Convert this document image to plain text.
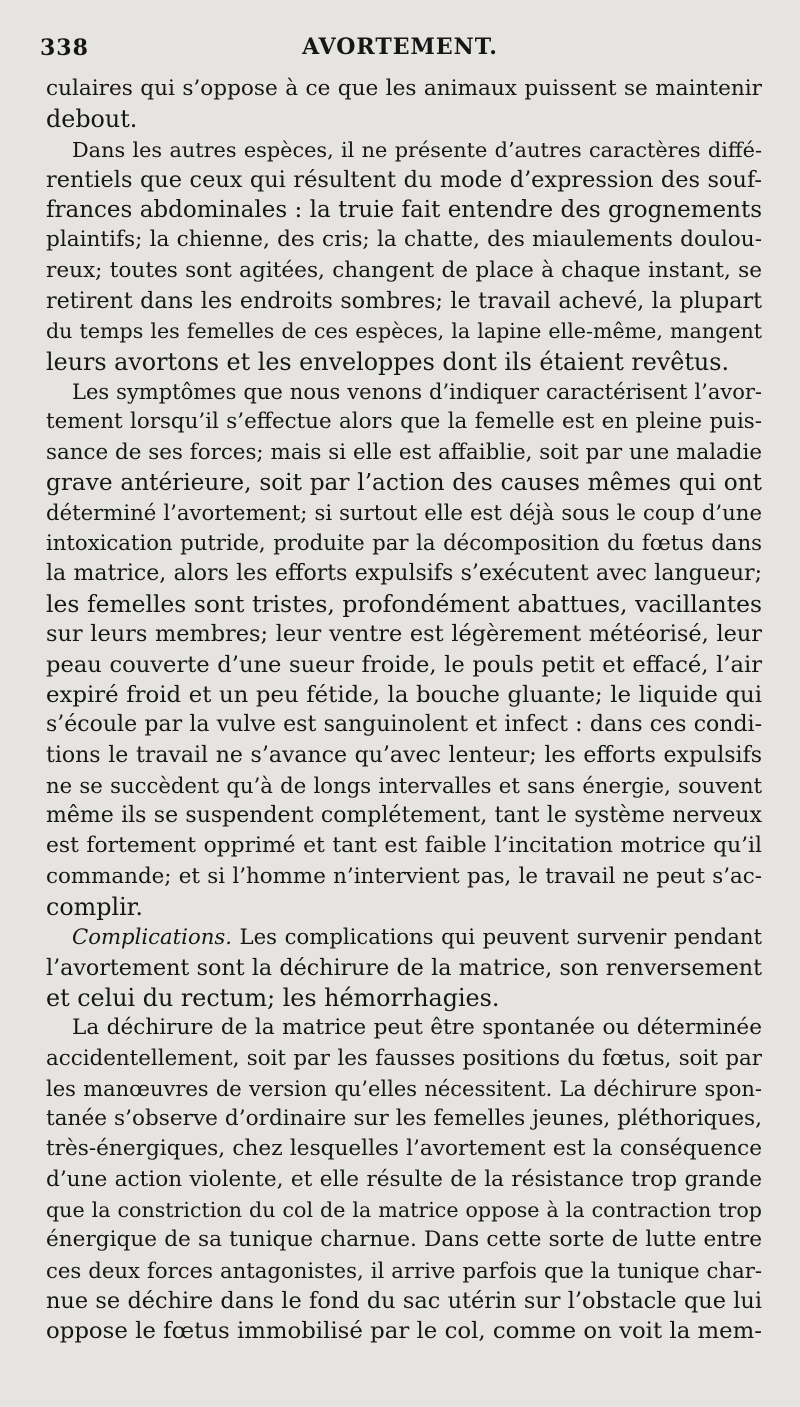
338	AVORTEMENT.
culaires qui s’oppose à ce que les animaux puissent se maintenir
debout.
Dans les autres espèces, il ne présente d’autres caractères diffé-
rentiels que ceux qui résultent du mode d’expression des souf-
frances abdominales : la truie fait entendre des grognements
plaintifs; la chienne, des cris; la chatte, des miaulements doulou-
reux; toutes sont agitées, changent de place à chaque instant, se
retirent dans les endroits sombres; le travail achevé, la plupart
du temps les femelles de ces espèces, la lapine elle-même, mangent
leurs avortons et les enveloppes dont ils étaient revêtus.
Les symptômes que nous venons d’indiquer caractérisent l’avor-
tement lorsqu’il s’effectue alors que la femelle est en pleine puis-
sance de ses forces; mais si elle est affaiblie, soit par une maladie
grave antérieure, soit par l’action des causes mêmes qui ont
déterminé l’avortement; si surtout elle est déjà sous le coup d’une
intoxication putride, produite par la décomposition du fœtus dans
la matrice, alors les efforts expulsifs s’exécutent avec langueur;
les femelles sont tristes, profondément abattues, vacillantes
sur leurs membres; leur ventre est légèrement météorisé, leur
peau couverte d’une sueur froide, le pouls petit et effacé, l’air
expiré froid et un peu fétide, la bouche gluante; le liquide qui
s’écoule par la vulve est sanguinolent et infect : dans ces condi-
tions le travail ne s’avance qu’avec lenteur; les efforts expulsifs
ne se succèdent qu’à de longs intervalles et sans énergie, souvent
même ils se suspendent complétement, tant le système nerveux
est fortement opprimé et tant est faible l’incitation motrice qu’il
commande; et si l’homme n’intervient pas, le travail ne peut s’ac-
complir.
Complications. Les complications qui peuvent survenir pendant
l’avortement sont la déchirure de la matrice, son renversement
et celui du rectum; les hémorrhagies.
La déchirure de la matrice peut être spontanée ou déterminée
accidentellement, soit par les fausses positions du fœtus, soit par
les manœuvres de version qu’elles nécessitent. La déchirure spon-
tanée s’observe d’ordinaire sur les femelles jeunes, pléthoriques,
très-énergiques, chez lesquelles l’avortement est la conséquence
d’une action violente, et elle résulte de la résistance trop grande
que la constriction du col de la matrice oppose à la contraction trop
énergique de sa tunique charnue. Dans cette sorte de lutte entre
ces deux forces antagonistes, il arrive parfois que la tunique char-
nue se déchire dans le fond du sac utérin sur l’obstacle que lui
oppose le fœtus immobilisé par le col, comme on voit la mem-
